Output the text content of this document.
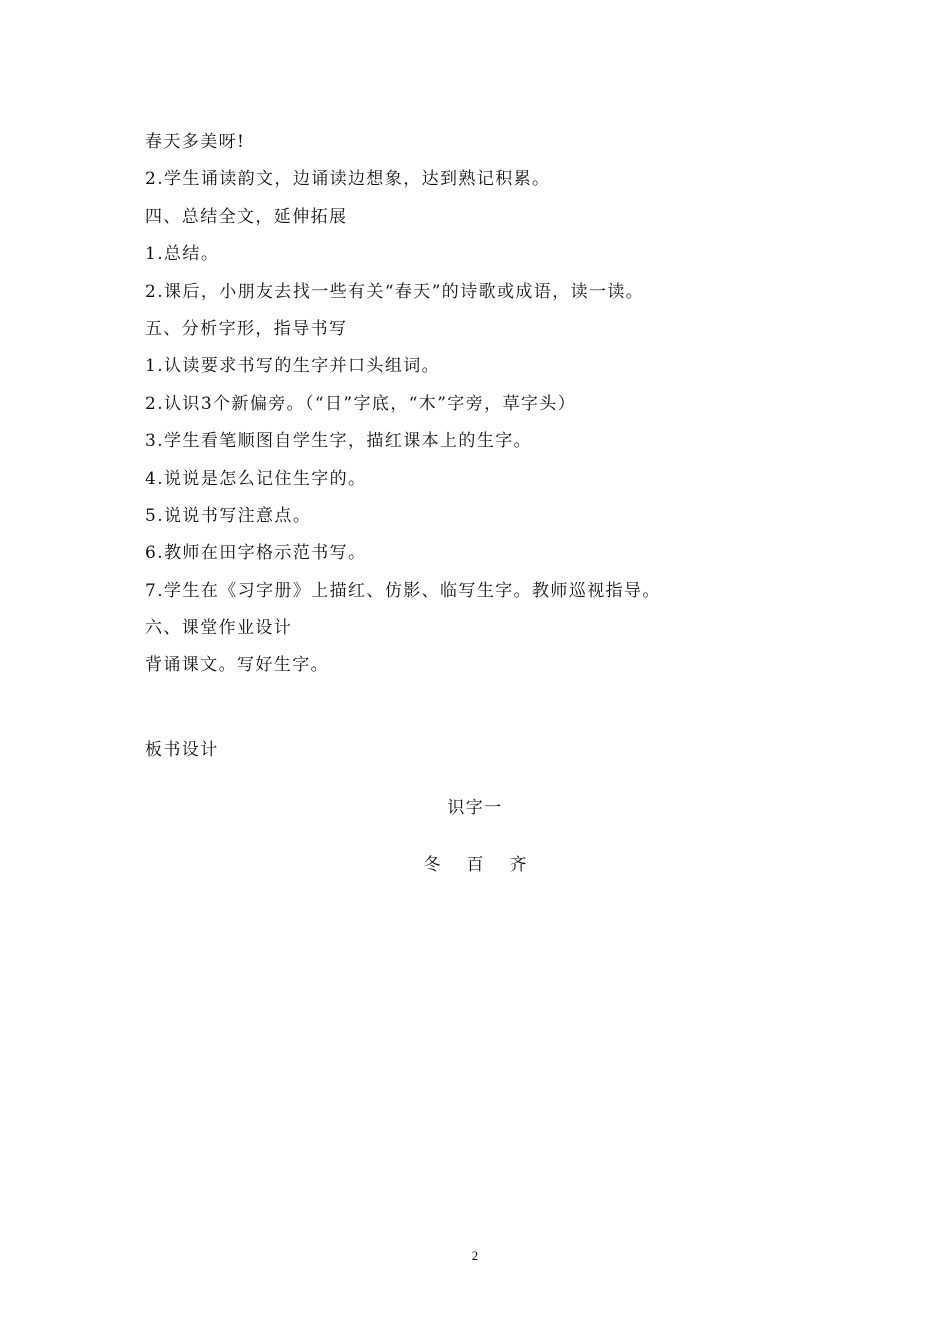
春天多美呀!
2.学生诵读韵文，边诵读边想象，达到熟记积累。
四、总结全文，延伸拓展
1.总结。
2.课后，小朋友去找一些有关“春天”的诗歌或成语，读一读。
五、分析字形，指导书写
1.认读要求书写的生字并口头组词。
2.认识3个新偏旁。（“日”字底，“木”字旁，草字头）
3.学生看笔顺图自学生字，描红课本上的生字。
4.说说是怎么记住生字的。
5.说说书写注意点。
6.教师在田字格示范书写。
7.学生在《习字册》上描红、仿影、临写生字。教师巡视指导。
六、课堂作业设计
背诵课文。写好生字。
板书设计
识字一
冬 百 齐
2
